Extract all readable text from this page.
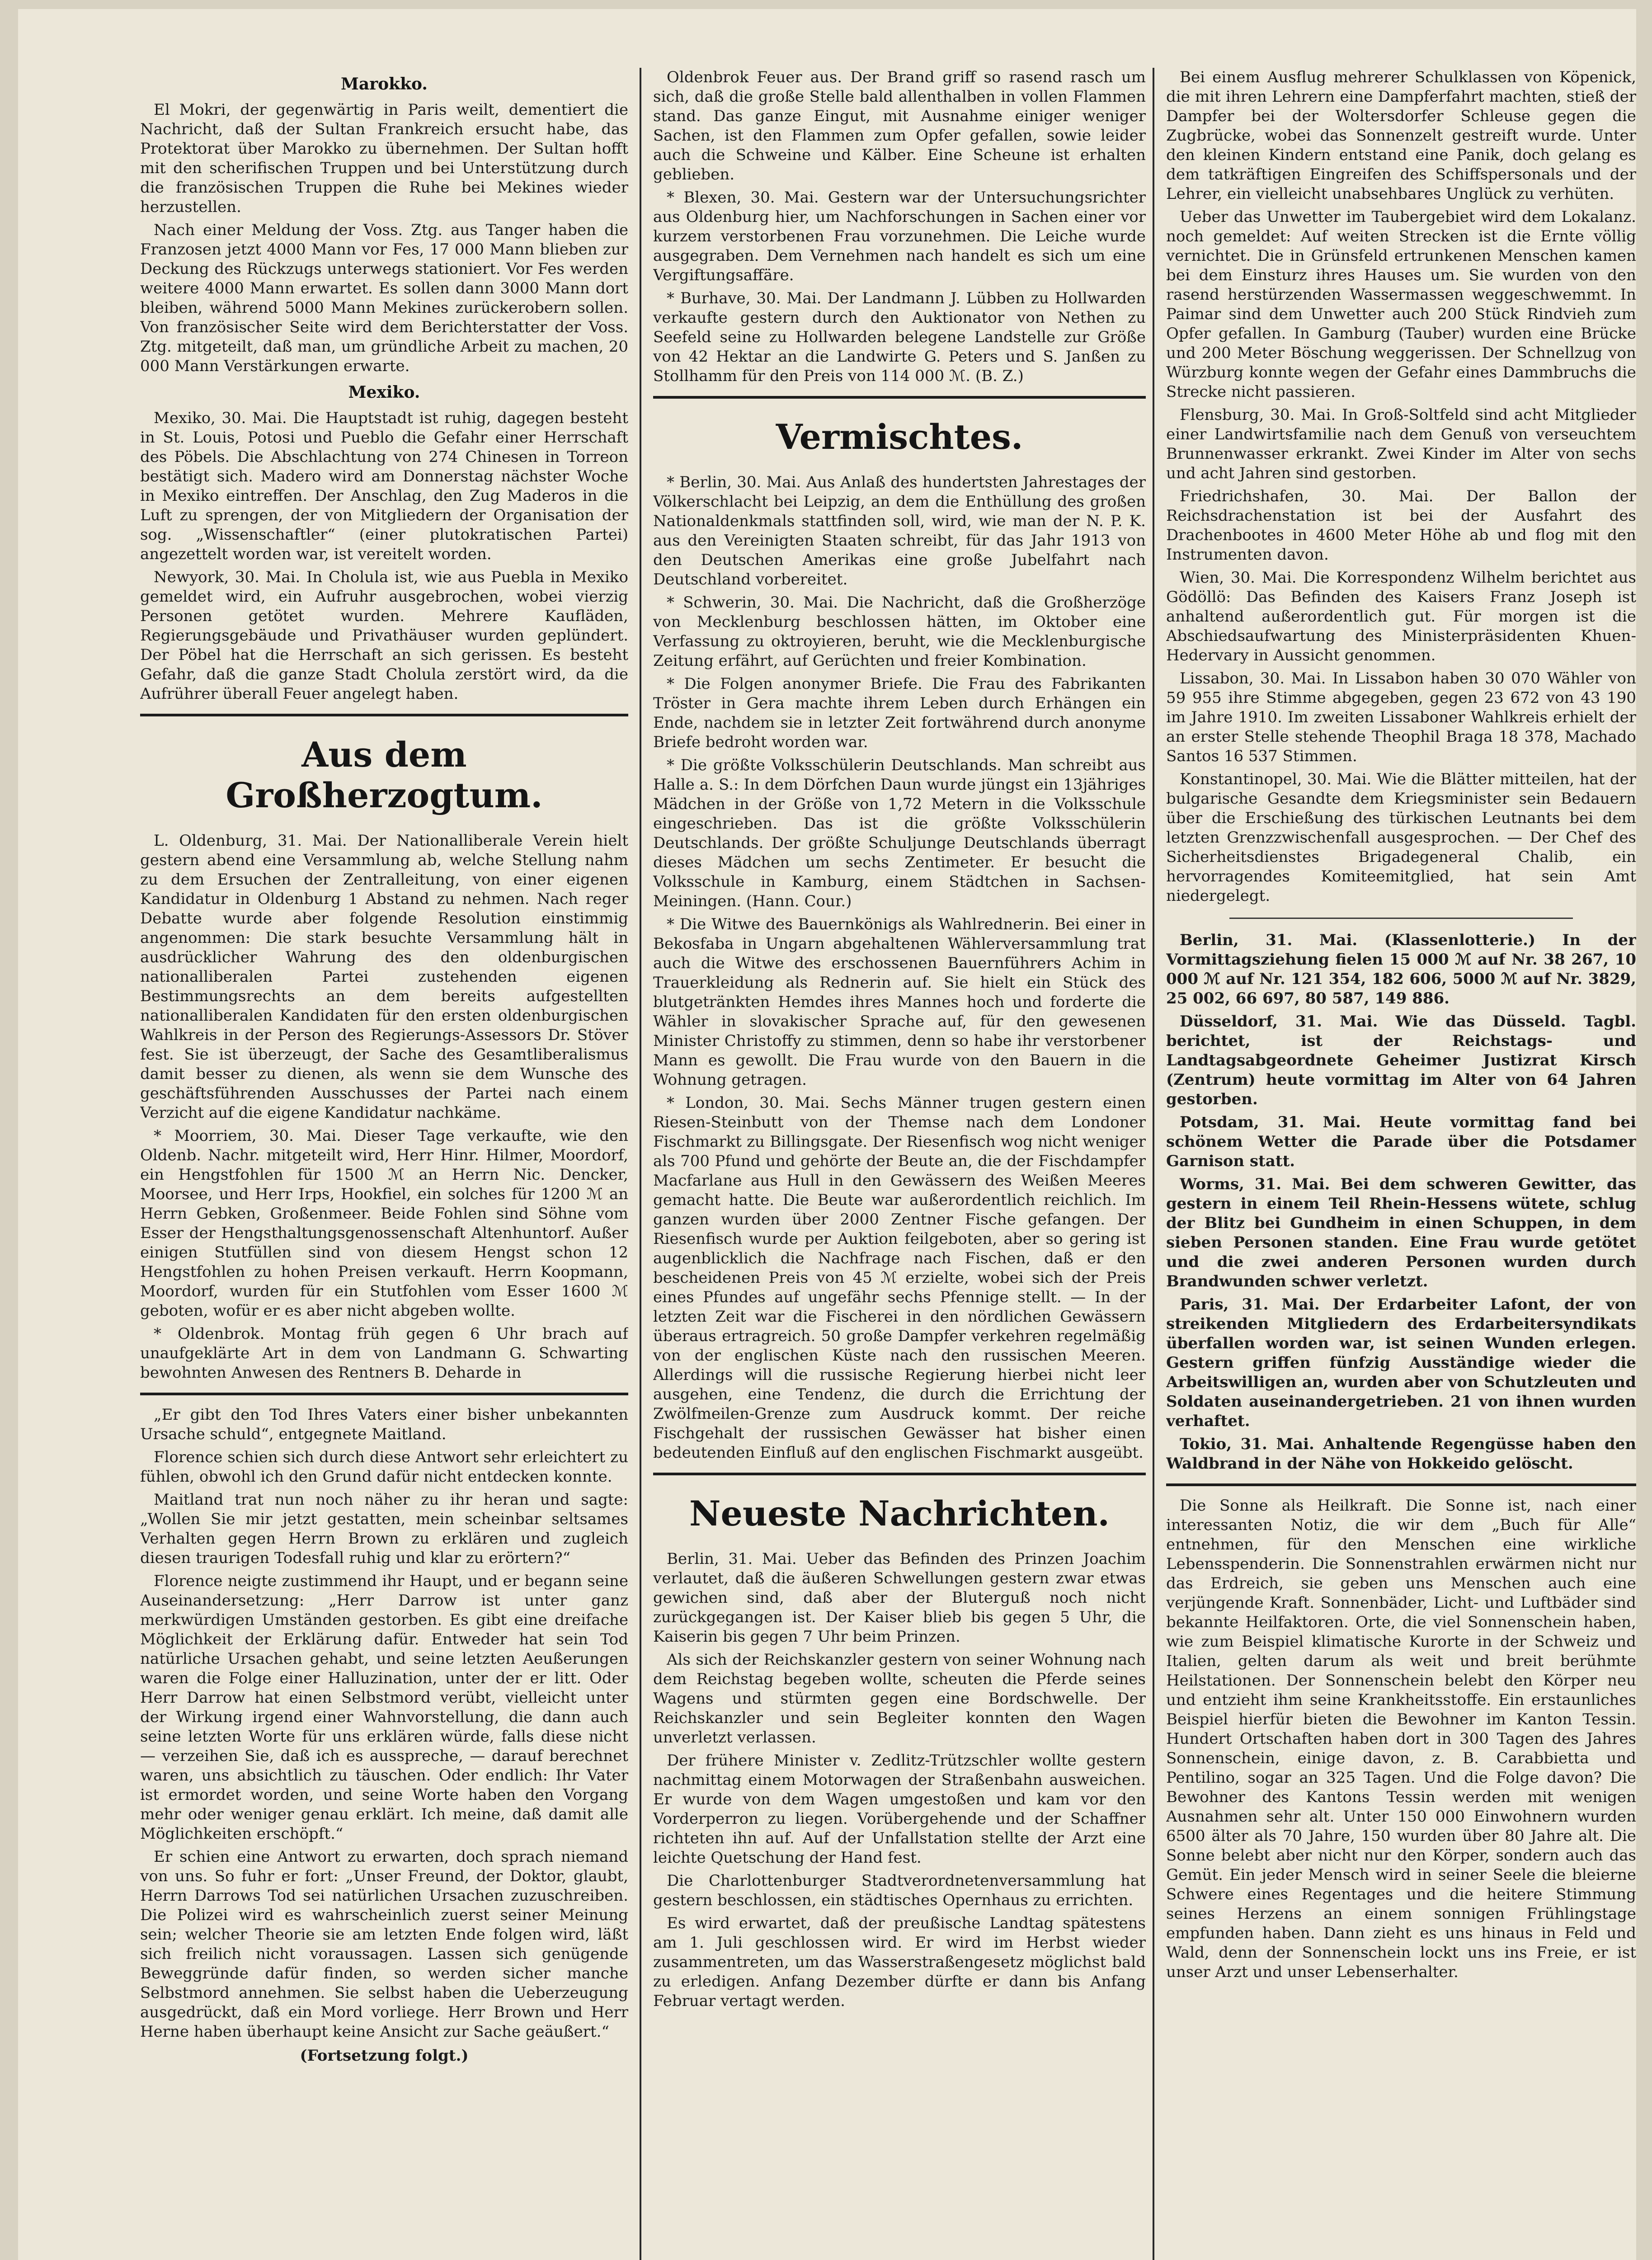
Marokko.

El Mokri, der gegenwärtig in Paris weilt, dementiert die Nachricht, daß der Sultan Frankreich ersucht habe, das Protektorat über Marokko zu übernehmen. Der Sultan hofft mit den scherifischen Truppen und bei Unterstützung durch die französischen Truppen die Ruhe bei Mekines wieder herzustellen.

Nach einer Meldung der Voss. Ztg. aus Tanger haben die Franzosen jetzt 4000 Mann vor Fes, 17 000 Mann blieben zur Deckung des Rückzugs unterwegs stationiert. Vor Fes werden weitere 4000 Mann erwartet. Es sollen dann 3000 Mann dort bleiben, während 5000 Mann Mekines zurückerobern sollen. Von französischer Seite wird dem Berichterstatter der Voss. Ztg. mitgeteilt, daß man, um gründliche Arbeit zu machen, 20 000 Mann Verstärkungen erwarte.

Mexiko.

Mexiko, 30. Mai. Die Hauptstadt ist ruhig, dagegen besteht in St. Louis, Potosi und Pueblo die Gefahr einer Herrschaft des Pöbels. Die Abschlachtung von 274 Chinesen in Torreon bestätigt sich. Madero wird am Donnerstag nächster Woche in Mexiko eintreffen. Der Anschlag, den Zug Maderos in die Luft zu sprengen, der von Mitgliedern der Organisation der sog. „Wissenschaftler“ (einer plutokratischen Partei) angezettelt worden war, ist vereitelt worden.

Newyork, 30. Mai. In Cholula ist, wie aus Puebla in Mexiko gemeldet wird, ein Aufruhr ausgebrochen, wobei vierzig Personen getötet wurden. Mehrere Kaufläden, Regierungsgebäude und Privathäuser wurden geplündert. Der Pöbel hat die Herrschaft an sich gerissen. Es besteht Gefahr, daß die ganze Stadt Cholula zerstört wird, da die Aufrührer überall Feuer angelegt haben.

Aus dem Großherzogtum.

L. Oldenburg, 31. Mai. Der Nationalliberale Verein hielt gestern abend eine Versammlung ab, welche Stellung nahm zu dem Ersuchen der Zentralleitung, von einer eigenen Kandidatur in Oldenburg 1 Abstand zu nehmen. Nach reger Debatte wurde aber folgende Resolution einstimmig angenommen: Die stark besuchte Versammlung hält in ausdrücklicher Wahrung des den oldenburgischen nationalliberalen Partei zustehenden eigenen Bestimmungsrechts an dem bereits aufgestellten nationalliberalen Kandidaten für den ersten oldenburgischen Wahlkreis in der Person des Regierungs-Assessors Dr. Stöver fest. Sie ist überzeugt, der Sache des Gesamtliberalismus damit besser zu dienen, als wenn sie dem Wunsche des geschäftsführenden Ausschusses der Partei nach einem Verzicht auf die eigene Kandidatur nachkäme.

* Moorriem, 30. Mai. Dieser Tage verkaufte, wie den Oldenb. Nachr. mitgeteilt wird, Herr Hinr. Hilmer, Moordorf, ein Hengstfohlen für 1500 ℳ an Herrn Nic. Dencker, Moorsee, und Herr Irps, Hookfiel, ein solches für 1200 ℳ an Herrn Gebken, Großenmeer. Beide Fohlen sind Söhne vom Esser der Hengsthaltungsgenossenschaft Altenhuntorf. Außer einigen Stutfüllen sind von diesem Hengst schon 12 Hengstfohlen zu hohen Preisen verkauft. Herrn Koopmann, Moordorf, wurden für ein Stutfohlen vom Esser 1600 ℳ geboten, wofür er es aber nicht abgeben wollte.

* Oldenbrok. Montag früh gegen 6 Uhr brach auf unaufgeklärte Art in dem von Landmann G. Schwarting bewohnten Anwesen des Rentners B. Deharde in

„Er gibt den Tod Ihres Vaters einer bisher unbekannten Ursache schuld“, entgegnete Maitland.

Florence schien sich durch diese Antwort sehr erleichtert zu fühlen, obwohl ich den Grund dafür nicht entdecken konnte.

Maitland trat nun noch näher zu ihr heran und sagte: „Wollen Sie mir jetzt gestatten, mein scheinbar seltsames Verhalten gegen Herrn Brown zu erklären und zugleich diesen traurigen Todesfall ruhig und klar zu erörtern?“

Florence neigte zustimmend ihr Haupt, und er begann seine Auseinandersetzung: „Herr Darrow ist unter ganz merkwürdigen Umständen gestorben. Es gibt eine dreifache Möglichkeit der Erklärung dafür. Entweder hat sein Tod natürliche Ursachen gehabt, und seine letzten Aeußerungen waren die Folge einer Halluzination, unter der er litt. Oder Herr Darrow hat einen Selbstmord verübt, vielleicht unter der Wirkung irgend einer Wahnvorstellung, die dann auch seine letzten Worte für uns erklären würde, falls diese nicht — verzeihen Sie, daß ich es ausspreche, — darauf berechnet waren, uns absichtlich zu täuschen. Oder endlich: Ihr Vater ist ermordet worden, und seine Worte haben den Vorgang mehr oder weniger genau erklärt. Ich meine, daß damit alle Möglichkeiten erschöpft.“

Er schien eine Antwort zu erwarten, doch sprach niemand von uns. So fuhr er fort: „Unser Freund, der Doktor, glaubt, Herrn Darrows Tod sei natürlichen Ursachen zuzuschreiben. Die Polizei wird es wahrscheinlich zuerst seiner Meinung sein; welcher Theorie sie am letzten Ende folgen wird, läßt sich freilich nicht voraussagen. Lassen sich genügende Beweggründe dafür finden, so werden sicher manche Selbstmord annehmen. Sie selbst haben die Ueberzeugung ausgedrückt, daß ein Mord vorliege. Herr Brown und Herr Herne haben überhaupt keine Ansicht zur Sache geäußert.“

(Fortsetzung folgt.)

Oldenbrok Feuer aus. Der Brand griff so rasend rasch um sich, daß die große Stelle bald allenthalben in vollen Flammen stand. Das ganze Eingut, mit Ausnahme einiger weniger Sachen, ist den Flammen zum Opfer gefallen, sowie leider auch die Schweine und Kälber. Eine Scheune ist erhalten geblieben.

* Blexen, 30. Mai. Gestern war der Untersuchungsrichter aus Oldenburg hier, um Nachforschungen in Sachen einer vor kurzem verstorbenen Frau vorzunehmen. Die Leiche wurde ausgegraben. Dem Vernehmen nach handelt es sich um eine Vergiftungsaffäre.

* Burhave, 30. Mai. Der Landmann J. Lübben zu Hollwarden verkaufte gestern durch den Auktionator von Nethen zu Seefeld seine zu Hollwarden belegene Landstelle zur Größe von 42 Hektar an die Landwirte G. Peters und S. Janßen zu Stollhamm für den Preis von 114 000 ℳ. (B. Z.)

Vermischtes.

* Berlin, 30. Mai. Aus Anlaß des hundertsten Jahrestages der Völkerschlacht bei Leipzig, an dem die Enthüllung des großen Nationaldenkmals stattfinden soll, wird, wie man der N. P. K. aus den Vereinigten Staaten schreibt, für das Jahr 1913 von den Deutschen Amerikas eine große Jubelfahrt nach Deutschland vorbereitet.

* Schwerin, 30. Mai. Die Nachricht, daß die Großherzöge von Mecklenburg beschlossen hätten, im Oktober eine Verfassung zu oktroyieren, beruht, wie die Mecklenburgische Zeitung erfährt, auf Gerüchten und freier Kombination.

* Die Folgen anonymer Briefe. Die Frau des Fabrikanten Tröster in Gera machte ihrem Leben durch Erhängen ein Ende, nachdem sie in letzter Zeit fortwährend durch anonyme Briefe bedroht worden war.

* Die größte Volksschülerin Deutschlands. Man schreibt aus Halle a. S.: In dem Dörfchen Daun wurde jüngst ein 13jähriges Mädchen in der Größe von 1,72 Metern in die Volksschule eingeschrieben. Das ist die größte Volksschülerin Deutschlands. Der größte Schuljunge Deutschlands überragt dieses Mädchen um sechs Zentimeter. Er besucht die Volksschule in Kamburg, einem Städtchen in Sachsen-Meiningen. (Hann. Cour.)

* Die Witwe des Bauernkönigs als Wahlrednerin. Bei einer in Bekosfaba in Ungarn abgehaltenen Wählerversammlung trat auch die Witwe des erschossenen Bauernführers Achim in Trauerkleidung als Rednerin auf. Sie hielt ein Stück des blutgetränkten Hemdes ihres Mannes hoch und forderte die Wähler in slovakischer Sprache auf, für den gewesenen Minister Christoffy zu stimmen, denn so habe ihr verstorbener Mann es gewollt. Die Frau wurde von den Bauern in die Wohnung getragen.

* London, 30. Mai. Sechs Männer trugen gestern einen Riesen-Steinbutt von der Themse nach dem Londoner Fischmarkt zu Billingsgate. Der Riesenfisch wog nicht weniger als 700 Pfund und gehörte der Beute an, die der Fischdampfer Macfarlane aus Hull in den Gewässern des Weißen Meeres gemacht hatte. Die Beute war außerordentlich reichlich. Im ganzen wurden über 2000 Zentner Fische gefangen. Der Riesenfisch wurde per Auktion feilgeboten, aber so gering ist augenblicklich die Nachfrage nach Fischen, daß er den bescheidenen Preis von 45 ℳ erzielte, wobei sich der Preis eines Pfundes auf ungefähr sechs Pfennige stellt. — In der letzten Zeit war die Fischerei in den nördlichen Gewässern überaus ertragreich. 50 große Dampfer verkehren regelmäßig von der englischen Küste nach den russischen Meeren. Allerdings will die russische Regierung hierbei nicht leer ausgehen, eine Tendenz, die durch die Errichtung der Zwölfmeilen-Grenze zum Ausdruck kommt. Der reiche Fischgehalt der russischen Gewässer hat bisher einen bedeutenden Einfluß auf den englischen Fischmarkt ausgeübt.

Neueste Nachrichten.

Berlin, 31. Mai. Ueber das Befinden des Prinzen Joachim verlautet, daß die äußeren Schwellungen gestern zwar etwas gewichen sind, daß aber der Bluterguß noch nicht zurückgegangen ist. Der Kaiser blieb bis gegen 5 Uhr, die Kaiserin bis gegen 7 Uhr beim Prinzen.

Als sich der Reichskanzler gestern von seiner Wohnung nach dem Reichstag begeben wollte, scheuten die Pferde seines Wagens und stürmten gegen eine Bordschwelle. Der Reichskanzler und sein Begleiter konnten den Wagen unverletzt verlassen.

Der frühere Minister v. Zedlitz-Trützschler wollte gestern nachmittag einem Motorwagen der Straßenbahn ausweichen. Er wurde von dem Wagen umgestoßen und kam vor den Vorderperron zu liegen. Vorübergehende und der Schaffner richteten ihn auf. Auf der Unfallstation stellte der Arzt eine leichte Quetschung der Hand fest.

Die Charlottenburger Stadtverordnetenversammlung hat gestern beschlossen, ein städtisches Opernhaus zu errichten.

Es wird erwartet, daß der preußische Landtag spätestens am 1. Juli geschlossen wird. Er wird im Herbst wieder zusammentreten, um das Wasserstraßengesetz möglichst bald zu erledigen. Anfang Dezember dürfte er dann bis Anfang Februar vertagt werden.

Bei einem Ausflug mehrerer Schulklassen von Köpenick, die mit ihren Lehrern eine Dampferfahrt machten, stieß der Dampfer bei der Woltersdorfer Schleuse gegen die Zugbrücke, wobei das Sonnenzelt gestreift wurde. Unter den kleinen Kindern entstand eine Panik, doch gelang es dem tatkräftigen Eingreifen des Schiffspersonals und der Lehrer, ein vielleicht unabsehbares Unglück zu verhüten.

Ueber das Unwetter im Taubergebiet wird dem Lokalanz. noch gemeldet: Auf weiten Strecken ist die Ernte völlig vernichtet. Die in Grünsfeld ertrunkenen Menschen kamen bei dem Einsturz ihres Hauses um. Sie wurden von den rasend herstürzenden Wassermassen weggeschwemmt. In Paimar sind dem Unwetter auch 200 Stück Rindvieh zum Opfer gefallen. In Gamburg (Tauber) wurden eine Brücke und 200 Meter Böschung weggerissen. Der Schnellzug von Würzburg konnte wegen der Gefahr eines Dammbruchs die Strecke nicht passieren.

Flensburg, 30. Mai. In Groß-Soltfeld sind acht Mitglieder einer Landwirtsfamilie nach dem Genuß von verseuchtem Brunnenwasser erkrankt. Zwei Kinder im Alter von sechs und acht Jahren sind gestorben.

Friedrichshafen, 30. Mai. Der Ballon der Reichsdrachenstation ist bei der Ausfahrt des Drachenbootes in 4600 Meter Höhe ab und flog mit den Instrumenten davon.

Wien, 30. Mai. Die Korrespondenz Wilhelm berichtet aus Gödöllö: Das Befinden des Kaisers Franz Joseph ist anhaltend außerordentlich gut. Für morgen ist die Abschiedsaufwartung des Ministerpräsidenten Khuen-Hedervary in Aussicht genommen.

Lissabon, 30. Mai. In Lissabon haben 30 070 Wähler von 59 955 ihre Stimme abgegeben, gegen 23 672 von 43 190 im Jahre 1910. Im zweiten Lissaboner Wahlkreis erhielt der an erster Stelle stehende Theophil Braga 18 378, Machado Santos 16 537 Stimmen.

Konstantinopel, 30. Mai. Wie die Blätter mitteilen, hat der bulgarische Gesandte dem Kriegsminister sein Bedauern über die Erschießung des türkischen Leutnants bei dem letzten Grenzzwischenfall ausgesprochen. — Der Chef des Sicherheitsdienstes Brigadegeneral Chalib, ein hervorragendes Komiteemitglied, hat sein Amt niedergelegt.

Berlin, 31. Mai. (Klassenlotterie.) In der Vormittagsziehung fielen 15 000 ℳ auf Nr. 38 267, 10 000 ℳ auf Nr. 121 354, 182 606, 5000 ℳ auf Nr. 3829, 25 002, 66 697, 80 587, 149 886.

Düsseldorf, 31. Mai. Wie das Düsseld. Tagbl. berichtet, ist der Reichstags- und Landtagsabgeordnete Geheimer Justizrat Kirsch (Zentrum) heute vormittag im Alter von 64 Jahren gestorben.

Potsdam, 31. Mai. Heute vormittag fand bei schönem Wetter die Parade über die Potsdamer Garnison statt.

Worms, 31. Mai. Bei dem schweren Gewitter, das gestern in einem Teil Rhein-Hessens wütete, schlug der Blitz bei Gundheim in einen Schuppen, in dem sieben Personen standen. Eine Frau wurde getötet und die zwei anderen Personen wurden durch Brandwunden schwer verletzt.

Paris, 31. Mai. Der Erdarbeiter Lafont, der von streikenden Mitgliedern des Erdarbeitersyndikats überfallen worden war, ist seinen Wunden erlegen. Gestern griffen fünfzig Ausständige wieder die Arbeitswilligen an, wurden aber von Schutzleuten und Soldaten auseinandergetrieben. 21 von ihnen wurden verhaftet.

Tokio, 31. Mai. Anhaltende Regengüsse haben den Waldbrand in der Nähe von Hokkeido gelöscht.

Die Sonne als Heilkraft. Die Sonne ist, nach einer interessanten Notiz, die wir dem „Buch für Alle“ entnehmen, für den Menschen eine wirkliche Lebensspenderin. Die Sonnenstrahlen erwärmen nicht nur das Erdreich, sie geben uns Menschen auch eine verjüngende Kraft. Sonnenbäder, Licht- und Luftbäder sind bekannte Heilfaktoren. Orte, die viel Sonnenschein haben, wie zum Beispiel klimatische Kurorte in der Schweiz und Italien, gelten darum als weit und breit berühmte Heilstationen. Der Sonnenschein belebt den Körper neu und entzieht ihm seine Krankheitsstoffe. Ein erstaunliches Beispiel hierfür bieten die Bewohner im Kanton Tessin. Hundert Ortschaften haben dort in 300 Tagen des Jahres Sonnenschein, einige davon, z. B. Carabbietta und Pentilino, sogar an 325 Tagen. Und die Folge davon? Die Bewohner des Kantons Tessin werden mit wenigen Ausnahmen sehr alt. Unter 150 000 Einwohnern wurden 6500 älter als 70 Jahre, 150 wurden über 80 Jahre alt. Die Sonne belebt aber nicht nur den Körper, sondern auch das Gemüt. Ein jeder Mensch wird in seiner Seele die bleierne Schwere eines Regentages und die heitere Stimmung seines Herzens an einem sonnigen Frühlingstage empfunden haben. Dann zieht es uns hinaus in Feld und Wald, denn der Sonnenschein lockt uns ins Freie, er ist unser Arzt und unser Lebenserhalter.
